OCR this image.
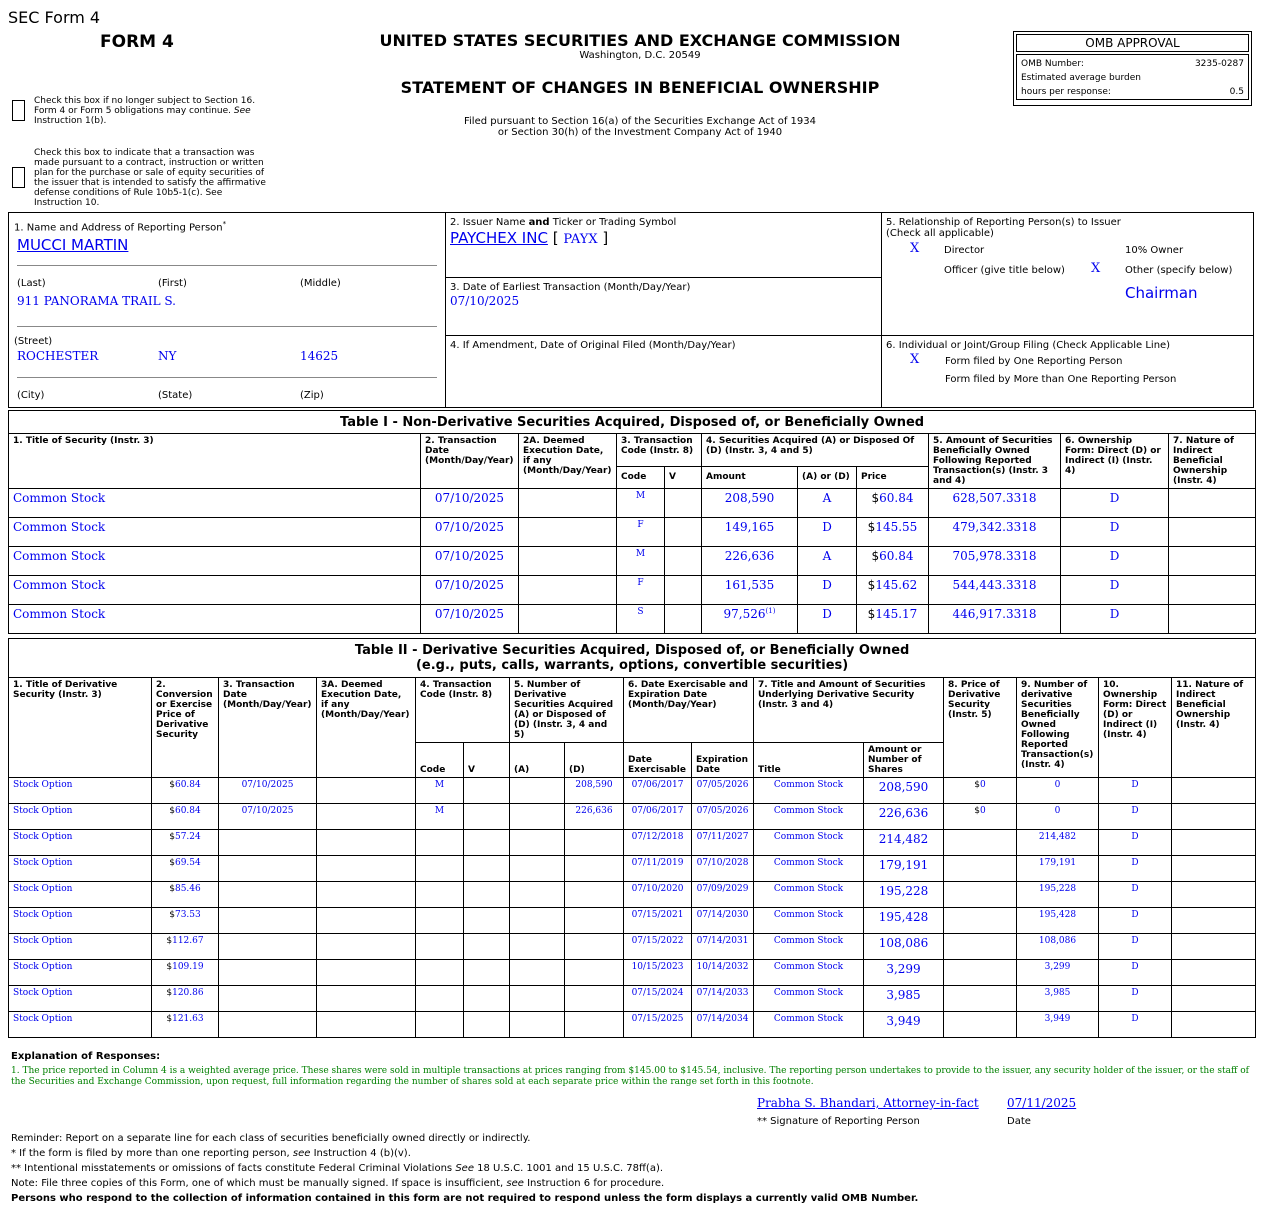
SEC Form 4
FORM 4	UNITED STATES SECURITIES AND EXCHANGE COMMISSION
Washington, D.C. 20549
STATEMENT OF CHANGES IN BENEFICIAL OWNERSHIP
Filed pursuant to Section 16(a) of the Securities Exchange Act of 1934
or Section 30(h) of the Investment Company Act of 1940
OMB APPROVAL
OMB Number:	3235-0287
Estimated average burden
hours per response:	0.5
Check this box if no longer subject to Section 16.
Form 4 or Form 5 obligations may continue. See
Instruction 1(b).
Check this box to indicate that a transaction was
made pursuant to a contract, instruction or written
plan for the purchase or sale of equity securities of
the issuer that is intended to satisfy the affirmative
defense conditions of Rule 10b5-1(c). See
Instruction 10.
1. Name and Address of Reporting Person*
MUCCI MARTIN
(Last)	(First)	(Middle)
911 PANORAMA TRAIL S.
(Street)
ROCHESTER	NY	14625
(City)	(State)	(Zip)
2. Issuer Name and Ticker or Trading Symbol
PAYCHEX INC [ PAYX ]
3. Date of Earliest Transaction (Month/Day/Year)
07/10/2025
4. If Amendment, Date of Original Filed (Month/Day/Year)
5. Relationship of Reporting Person(s) to Issuer
(Check all applicable)
X Director	10% Owner
Officer (give title below) X Other (specify below)
Chairman
6. Individual or Joint/Group Filing (Check Applicable Line)
X	Form filed by One Reporting Person
Form filed by More than One Reporting Person
Table I - Non-Derivative Securities Acquired, Disposed of, or Beneficially Owned										
1. Title of Security (Instr. 3)	2. Transaction Date (Month/Day/Year)	2A. Deemed Execution Date, if any (Month/Day/Year)	3. Transaction Code (Instr. 8)		4. Securities Acquired (A) or Disposed Of (D) (Instr. 3, 4 and 5)			5. Amount of Securities Beneficially Owned Following Reported Transaction(s) (Instr. 3 and 4)	6. Ownership Form: Direct (D) or Indirect (I) (Instr. 4)	7. Nature of Indirect Beneficial Ownership (Instr. 4)
			Code	V	Amount	(A) or (D)	Price			
Common Stock	07/10/2025		M		208,590	A	$60.84	628,507.3318	D	
Common Stock	07/10/2025		F		149,165	D	$145.55	479,342.3318	D	
Common Stock	07/10/2025		M		226,636	A	$60.84	705,978.3318	D	
Common Stock	07/10/2025		F		161,535	D	$145.62	544,443.3318	D	
Common Stock	07/10/2025		S		97,526$^{(1)}$	D	$145.17	446,917.3318	D	
Table II - Derivative Securities Acquired, Disposed of, or Beneficially Owned
(e.g., puts, calls, warrants, options, convertible securities)															

1. Title of Derivative Security (Instr. 3)	2. Conversion or Exercise Price of Derivative Security	3. Transaction Date (Month/Day/Year)	3A. Deemed Execution Date, if any (Month/Day/Year)	4. Transaction Code (Instr. 8)		5. Number of Derivative Securities Acquired (A) or Disposed of (D) (Instr. 3, 4 and 5)		6. Date Exercisable and Expiration Date (Month/Day/Year)		7. Title and Amount of Securities Underlying Derivative Security (Instr. 3 and 4)		8. Price of Derivative Security (Instr. 5)	9. Number of derivative Securities Beneficially Owned Following Reported Transaction(s) (Instr. 4)	10. Ownership Form: Direct (D) or Indirect (I) (Instr. 4)	11. Nature of Indirect Beneficial Ownership (Instr. 4)
				Code	V	(A)	(D)	Date Exercisable	Expiration Date	Title	Amount or Number of Shares				
Stock Option	$60.84	07/10/2025		M			208,590	07/06/2017	07/05/2026	Common Stock	208,590	$0	0	D	
Stock Option	$60.84	07/10/2025		M			226,636	07/06/2017	07/05/2026	Common Stock	226,636	$0	0	D	
Stock Option	$57.24							07/12/2018	07/11/2027	Common Stock	214,482		214,482	D	
Stock Option	$69.54							07/11/2019	07/10/2028	Common Stock	179,191		179,191	D	
Stock Option	$85.46							07/10/2020	07/09/2029	Common Stock	195,228		195,228	D	
Stock Option	$73.53							07/15/2021	07/14/2030	Common Stock	195,428		195,428	D	
Stock Option	$112.67							07/15/2022	07/14/2031	Common Stock	108,086		108,086	D	
Stock Option	$109.19							10/15/2023	10/14/2032	Common Stock	3,299		3,299	D	
Stock Option	$120.86							07/15/2024	07/14/2033	Common Stock	3,985		3,985	D	
Stock Option	$121.63							07/15/2025	07/14/2034	Common Stock	3,949		3,949	D	
Explanation of Responses:
1. The price reported in Column 4 is a weighted average price. These shares were sold in multiple transactions at prices ranging from $145.00 to $145.54, inclusive. The reporting person undertakes to provide to the issuer, any security holder of the issuer, or the staff of the Securities and Exchange Commission, upon request, full information regarding the number of shares sold at each separate price within the range set forth in this footnote.
Prabha S. Bhandari, Attorney-in-fact 07/11/2025
** Signature of Reporting Person	Date
Reminder: Report on a separate line for each class of securities beneficially owned directly or indirectly.
* If the form is filed by more than one reporting person, see Instruction 4 (b)(v).
** Intentional misstatements or omissions of facts constitute Federal Criminal Violations See 18 U.S.C. 1001 and 15 U.S.C. 78ff(a).
Note: File three copies of this Form, one of which must be manually signed. If space is insufficient, see Instruction 6 for procedure.
Persons who respond to the collection of information contained in this form are not required to respond unless the form displays a currently valid OMB Number.
